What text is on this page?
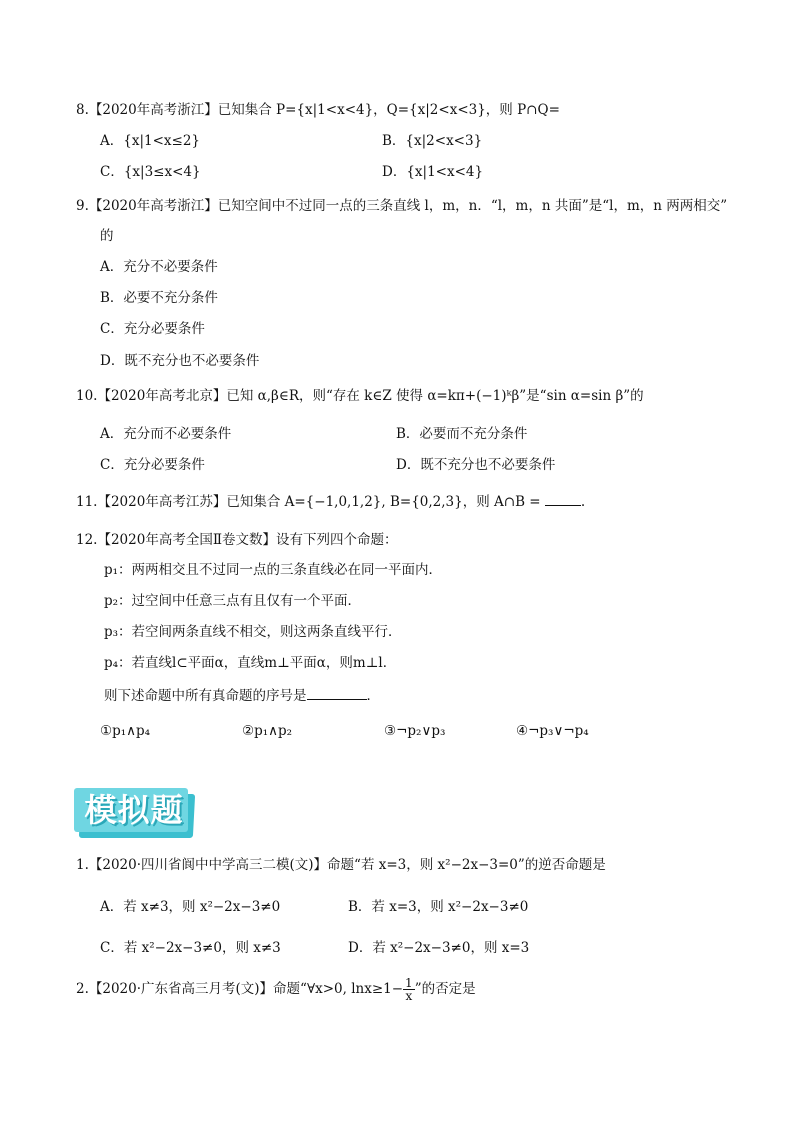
8.【2020年高考浙江】已知集合 P={x|1<x<4}，Q={x|2<x<3}，则 P∩Q=
A．{x|1<x≤2}	B．{x|2<x<3}
C．{x|3≤x<4}	D．{x|1<x<4}
9.【2020年高考浙江】已知空间中不过同一点的三条直线 l，m，n．“l，m，n 共面”是“l，m，n 两两相交”
的
A．充分不必要条件
B．必要不充分条件
C．充分必要条件
D．既不充分也不必要条件
10.【2020年高考北京】已知 α,β∈R，则“存在 k∈Z 使得 α=kπ+(−1)ᵏβ”是“sin α=sin β”的
A．充分而不必要条件	B．必要而不充分条件
C．充分必要条件	D．既不充分也不必要条件
11.【2020年高考江苏】已知集合 A={−1,0,1,2}, B={0,2,3}，则 A∩B =	.
12.【2020年高考全国Ⅱ卷文数】设有下列四个命题：
p₁：两两相交且不过同一点的三条直线必在同一平面内．
p₂：过空间中任意三点有且仅有一个平面．
p₃：若空间两条直线不相交，则这两条直线平行．
p₄：若直线l⊂平面α，直线m⊥平面α，则m⊥l．
则下述命题中所有真命题的序号是	．
①p₁∧p₄	②p₁∧p₂	③¬p₂∨p₃	④¬p₃∨¬p₄
模拟题
1.【2020·四川省阆中中学高三二模(文)】命题“若 x=3，则 x²−2x−3=0”的逆否命题是
A．若 x≠3，则 x²−2x−3≠0	B．若 x=3，则 x²−2x−3≠0
C．若 x²−2x−3≠0，则 x≠3	D．若 x²−2x−3≠0，则 x=3
2.【2020·广东省高三月考(文)】命题“∀x>0, $\ln x\ge 1- \frac{1}{x}$ ”的否定是
